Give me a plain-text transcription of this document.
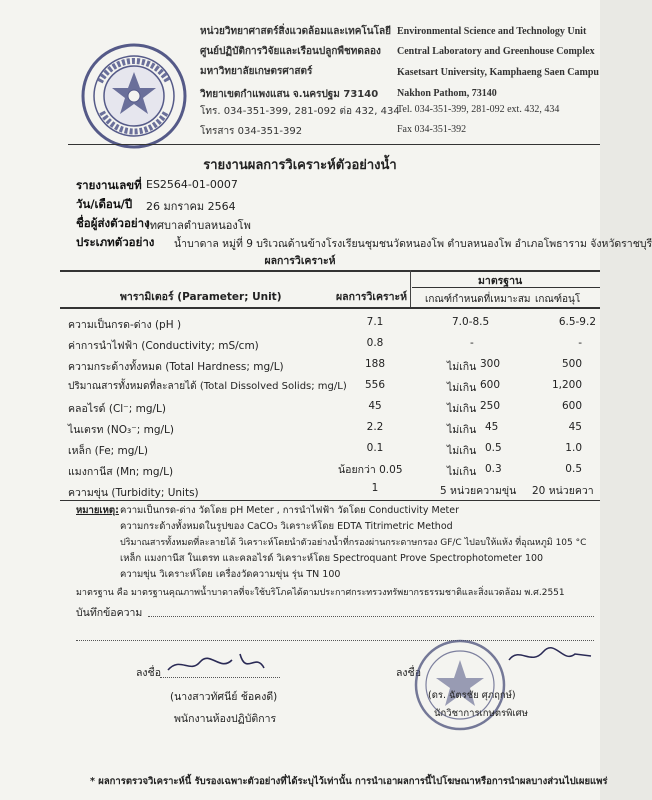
หน่วยวิทยาศาสตร์สิ่งแวดล้อมและเทคโนโลยี
ศูนย์ปฏิบัติการวิจัยและเรือนปลูกพืชทดลอง
มหาวิทยาลัยเกษตรศาสตร์
วิทยาเขตกำแพงแสน จ.นครปฐม 73140
โทร. 034-351-399, 281-092 ต่อ 432, 434
โทรสาร 034-351-392
Environmental Science and Technology Unit
Central Laboratory and Greenhouse Complex
Kasetsart University, Kamphaeng Saen Campu
Nakhon Pathom, 73140
Tel. 034-351-399, 281-092 ext. 432, 434
Fax 034-351-392
รายงานผลการวิเคราะห์ตัวอย่างน้ำ
รายงานเลขที่ ES2564-01-0007
วัน/เดือน/ปี 26 มกราคม 2564
ชื่อผู้ส่งตัวอย่าง
เทศบาลตำบลหนองโพ
ประเภทตัวอย่าง น้ำบาดาล หมู่ที่ 9 บริเวณด้านข้างโรงเรียนชุมชนวัดหนองโพ ตำบลหนองโพ อำเภอโพธาราม จังหวัดราชบุรี
ผลการวิเคราะห์
มาตรฐาน
พารามิเตอร์ (Parameter; Unit)	ผลการวิเคราะห์ เกณฑ์กำหนดที่เหมาะสม เกณฑ์อนุโ
ความเป็นกรด-ด่าง (pH )	7.1	7.0-8.5	6.5-9.2
ค่าการนำไฟฟ้า (Conductivity; mS/cm)	0.8	-	-
ความกระด้างทั้งหมด (Total Hardness; mg/L)	188	ไม่เกิน 300	500
ปริมาณสารทั้งหมดที่ละลายได้ (Total Dissolved Solids; mg/L)	556	ไม่เกิน 600	1,200
คลอไรด์ (Cl⁻; mg/L)	45	ไม่เกิน 250	600
ไนเตรท (NO₃⁻; mg/L)	2.2	ไม่เกิน 45	45
เหล็ก (Fe; mg/L)	0.1	ไม่เกิน 0.5	1.0
แมงกานีส (Mn; mg/L)	น้อยกว่า 0.05	ไม่เกิน 0.3	0.5
ความขุ่น (Turbidity; Units)	1	5 หน่วยความขุ่น 20 หน่วยควา
หมายเหตุ: ความเป็นกรด-ด่าง วัดโดย pH Meter , การนำไฟฟ้า วัดโดย Conductivity Meter
ความกระด้างทั้งหมดในรูปของ CaCO₃ วิเคราะห์โดย EDTA Titrimetric Method
ปริมาณสารทั้งหมดที่ละลายได้ วิเคราะห์โดยนำตัวอย่างน้ำที่กรองผ่านกระดาษกรอง GF/C ไปอบให้แห้ง ที่อุณหภูมิ 105 °C
เหล็ก แมงกานีส ในเตรท และคลอไรด์ วิเคราะห์โดย Spectroquant Prove Spectrophotometer 100
ความขุ่น วิเคราะห์โดย เครื่องวัดความขุ่น รุ่น TN 100
มาตรฐาน คือ มาตรฐานคุณภาพน้ำบาดาลที่จะใช้บริโภคได้ตามประกาศกระทรวงทรัพยากรธรรมชาติและสิ่งแวดล้อม พ.ศ.2551
บันทึกข้อความ
ลงชื่อ
(นางสาวทัศนีย์ ช้อคงดี)
พนักงานห้องปฏิบัติการ
ลงชื่อ
(ดร. ฉัตรชัย ศุภฤกษ์)
นักวิชาการเกษตรพิเศษ
* ผลการตรวจวิเคราะห์นี้ รับรองเฉพาะตัวอย่างที่ได้ระบุไว้เท่านั้น การนำเอาผลการนี้ไปโฆษณาหรือการนำผลบางส่วนไปเผยแพร่
